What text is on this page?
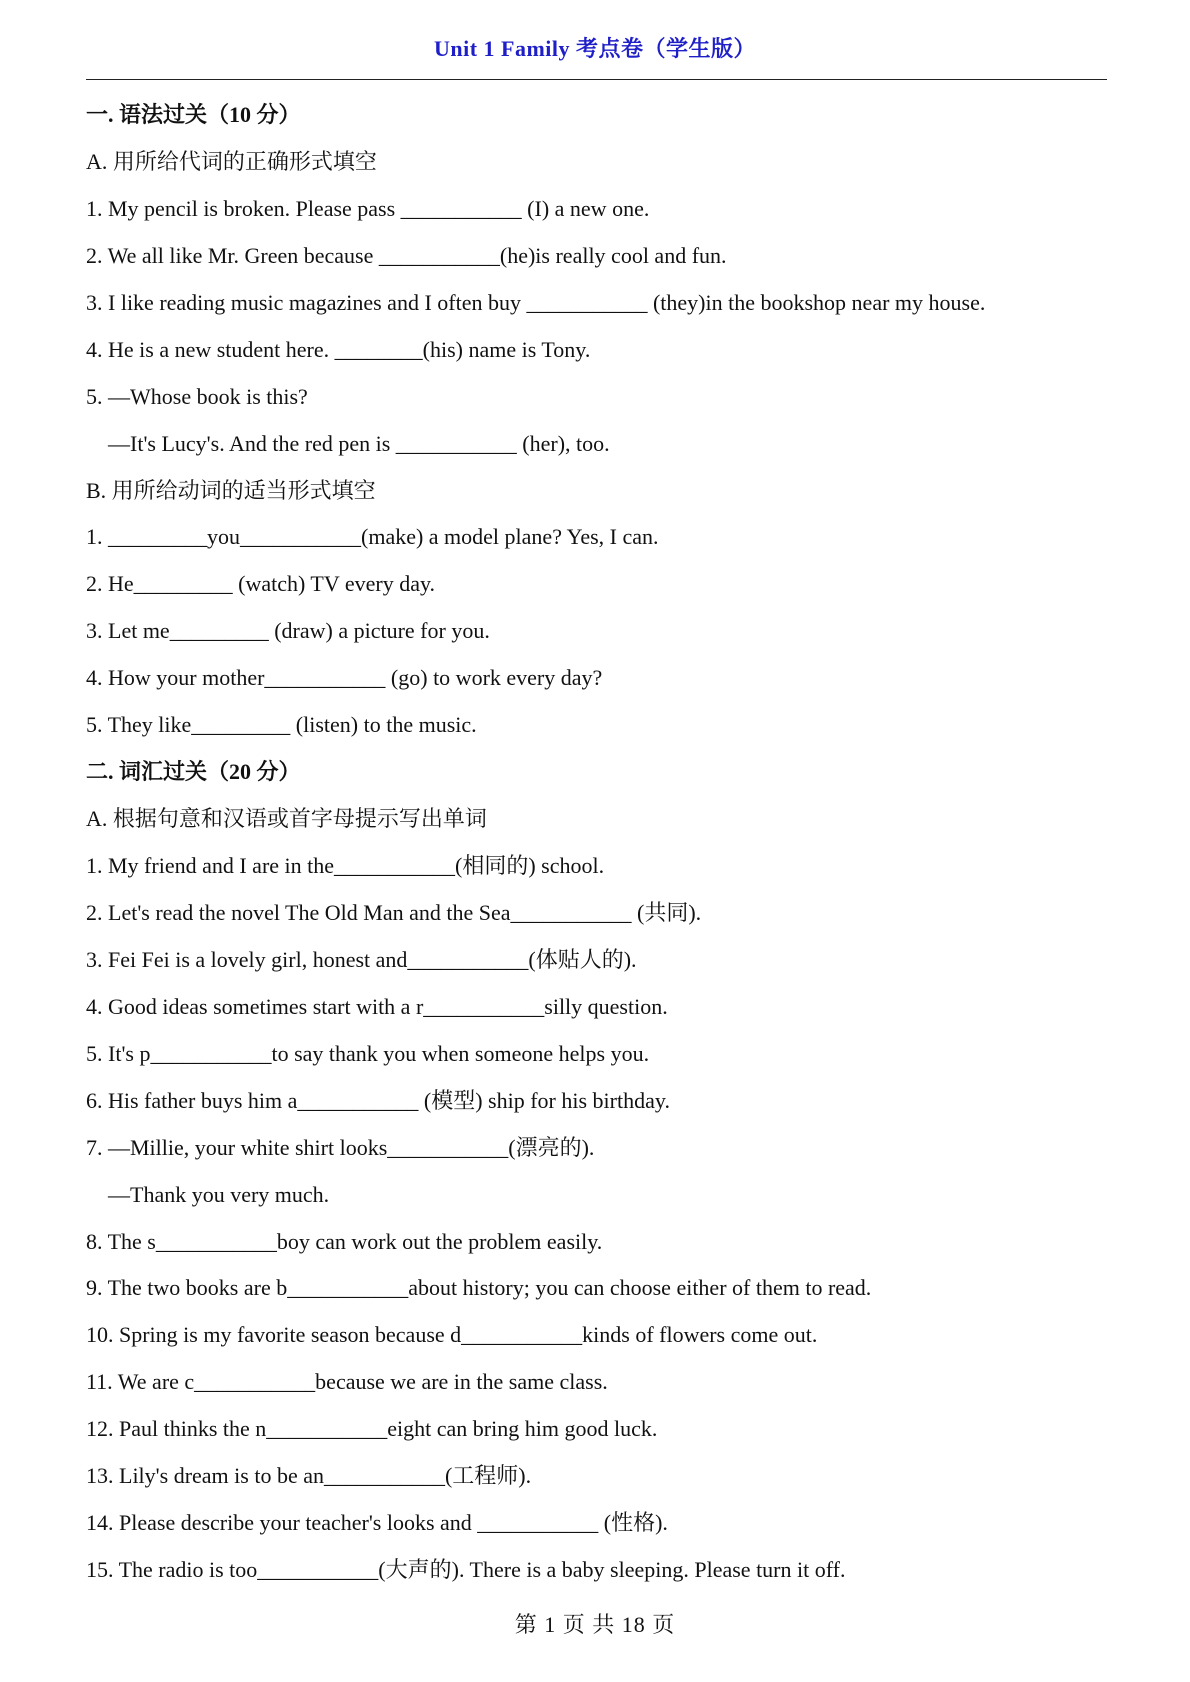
Unit 1 Family 考点卷（学生版）
一. 语法过关（10 分）
A. 用所给代词的正确形式填空
1. My pencil is broken. Please pass ___________ (I) a new one.
2. We all like Mr. Green because ___________(he)is really cool and fun.
3. I like reading music magazines and I often buy ___________ (they)in the bookshop near my house.
4. He is a new student here. ________(his) name is Tony.
5. —Whose book is this?
—It's Lucy's. And the red pen is ___________ (her), too.
B. 用所给动词的适当形式填空
1. _________you___________(make) a model plane? Yes, I can.
2. He_________ (watch) TV every day.
3. Let me_________ (draw) a picture for you.
4. How your mother___________ (go) to work every day?
5. They like_________ (listen) to the music.
二. 词汇过关（20 分）
A. 根据句意和汉语或首字母提示写出单词
1. My friend and I are in the___________(相同的) school.
2. Let's read the novel The Old Man and the Sea___________ (共同).
3. Fei Fei is a lovely girl, honest and___________(体贴人的).
4. Good ideas sometimes start with a r___________silly question.
5. It's p___________to say thank you when someone helps you.
6. His father buys him a___________ (模型) ship for his birthday.
7. —Millie, your white shirt looks___________(漂亮的).
—Thank you very much.
8. The s___________boy can work out the problem easily.
9. The two books are b___________about history; you can choose either of them to read.
10. Spring is my favorite season because d___________kinds of flowers come out.
11. We are c___________because we are in the same class.
12. Paul thinks the n___________eight can bring him good luck.
13. Lily's dream is to be an___________(工程师).
14. Please describe your teacher's looks and ___________ (性格).
15. The radio is too___________(大声的). There is a baby sleeping. Please turn it off.
第 1 页 共 18 页
